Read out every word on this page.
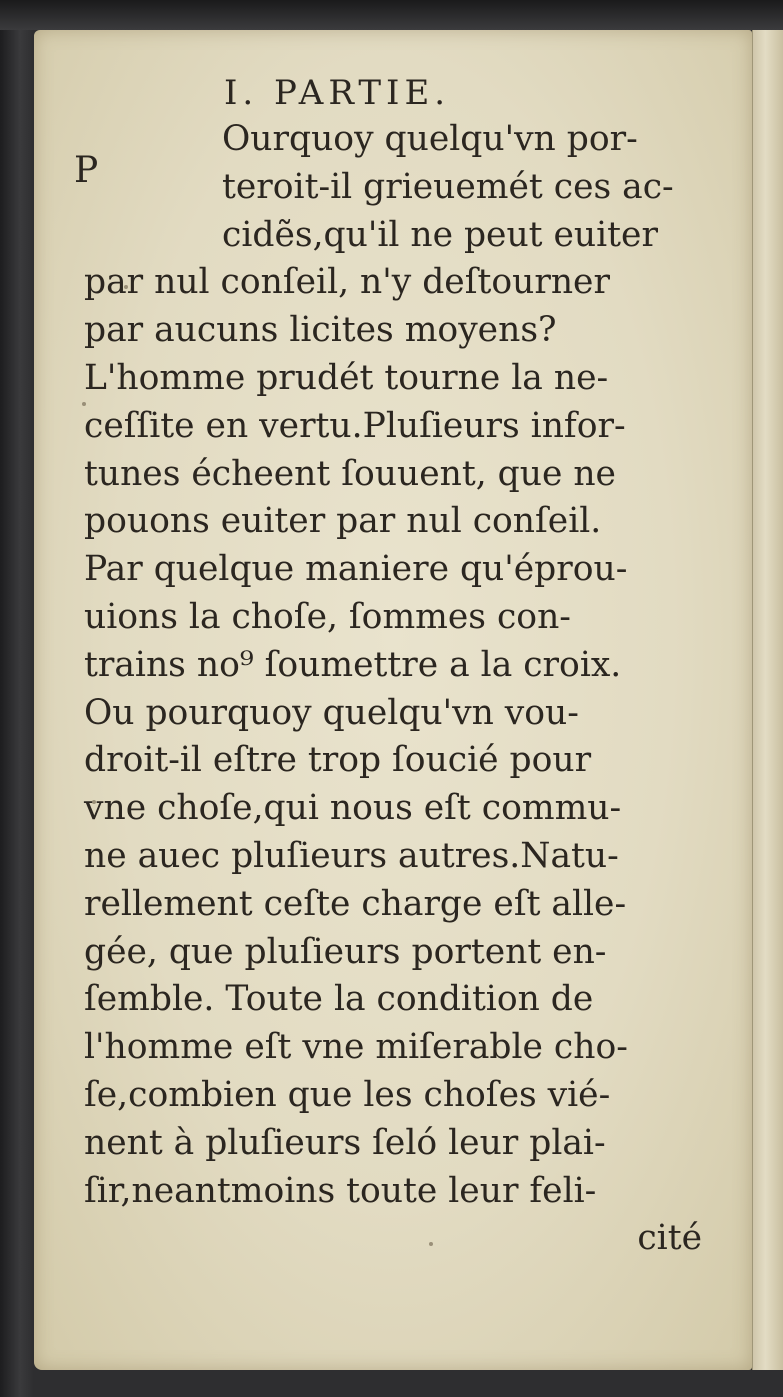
P
I. PARTIE.
Ourquoy quelqu'vn por-
teroit-il grieuemét ces ac-
cidẽs,qu'il ne peut euiter
par nul conſeil, n'y deſtourner
par aucuns licites moyens?
L'homme prudét tourne la ne-
ceſſite en vertu.Pluſieurs infor-
tunes écheent ſouuent, que ne
pouons euiter par nul conſeil.
Par quelque maniere qu'éprou-
uions la choſe, ſommes con-
trains no⁹ ſoumettre a la croix.
Ou pourquoy quelqu'vn vou-
droit-il eſtre trop ſoucié pour
vne choſe,qui nous eſt commu-
ne auec pluſieurs autres.Natu-
rellement ceſte charge eſt alle-
gée, que pluſieurs portent en-
ſemble. Toute la condition de
l'homme eſt vne miſerable cho-
ſe,combien que les choſes vié-
nent à pluſieurs ſeló leur plai-
ſir,neantmoins toute leur feli-
cité
